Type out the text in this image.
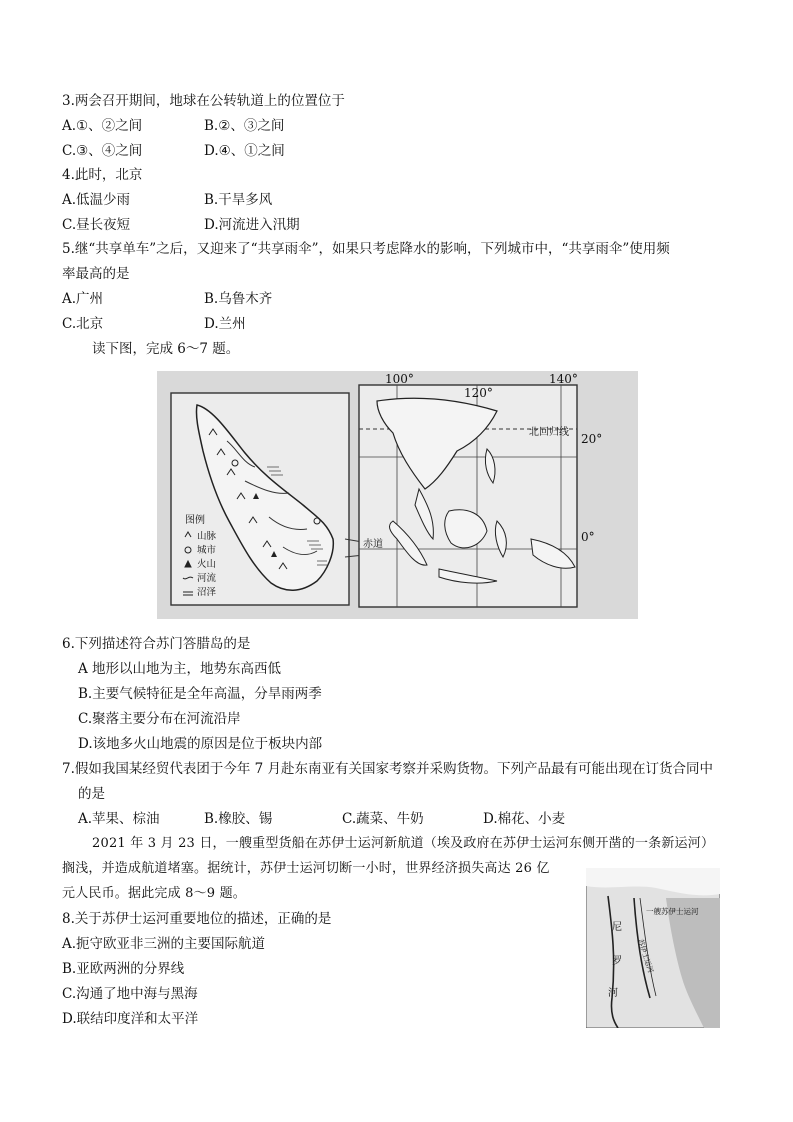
3.两会召开期间，地球在公转轨道上的位置位于
A.①、②之间	B.②、③之间
C.③、④之间	D.④、①之间
4.此时，北京
A.低温少雨	B.干旱多风
C.昼长夜短	D.河流进入汛期
5.继“共享单车”之后，又迎来了“共享雨伞”，如果只考虑降水的影响，下列城市中，“共享雨伞”使用频
率最高的是
A.广州	B.乌鲁木齐
C.北京	D.兰州
读下图，完成 6～7 题。
图例
山脉
城市
火山
河流
沼泽
100°
120°
140°
20°
0°
北回归线
赤道
6.下列描述符合苏门答腊岛的是
A 地形以山地为主，地势东高西低
B.主要气候特征是全年高温，分旱雨两季
C.聚落主要分布在河流沿岸
D.该地多火山地震的原因是位于板块内部
7.假如我国某经贸代表团于今年 7 月赴东南亚有关国家考察并采购货物。下列产品最有可能出现在订货合同中
的是
A.苹果、棕油	B.橡胶、锡	C.蔬菜、牛奶	D.棉花、小麦
2021 年 3 月 23 日，一艘重型货船在苏伊士运河新航道（埃及政府在苏伊士运河东侧开凿的一条新运河）
搁浅，并造成航道堵塞。据统计，苏伊士运河切断一小时，世界经济损失高达 26 亿
元人民币。据此完成 8～9 题。
一艘苏伊士运河
尼
罗
河
苏伊士运河
8.关于苏伊士运河重要地位的描述，正确的是
A.扼守欧亚非三洲的主要国际航道
B.亚欧两洲的分界线
C.沟通了地中海与黑海
D.联结印度洋和太平洋
